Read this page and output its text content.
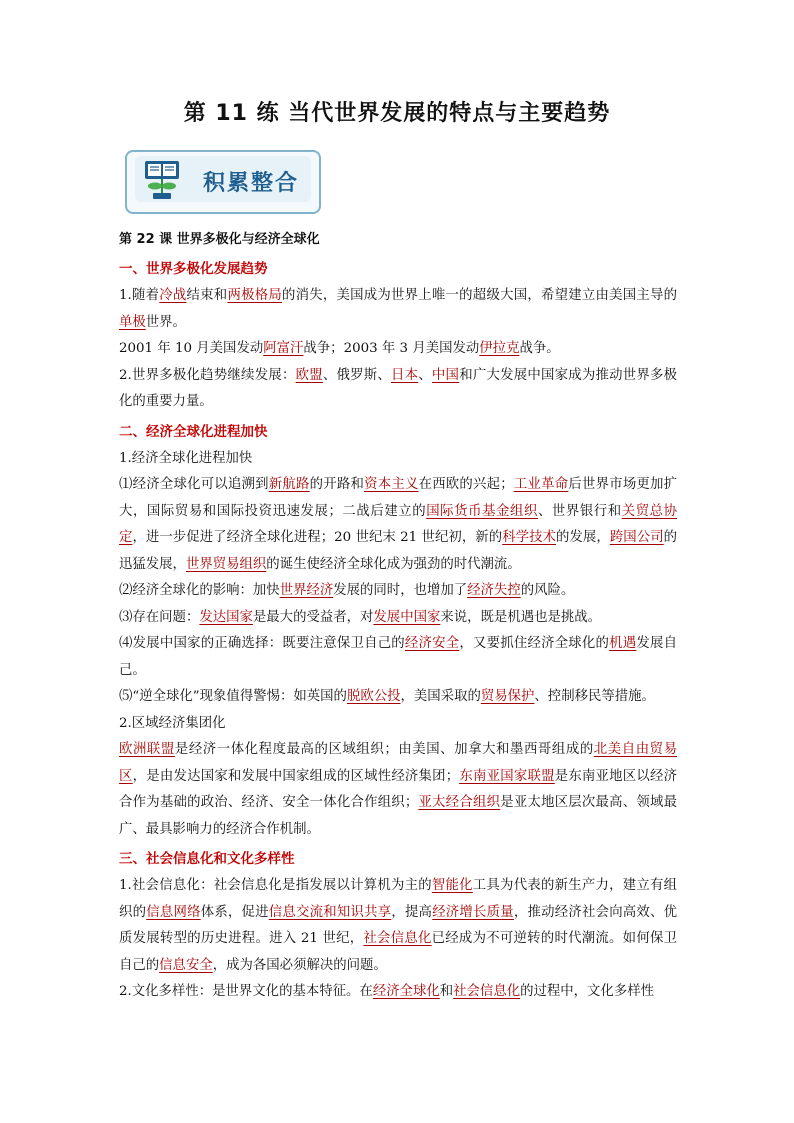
第 11 练 当代世界发展的特点与主要趋势
积累整合
第 22 课 世界多极化与经济全球化
一、世界多极化发展趋势

1.随着冷战结束和两极格局的消失，美国成为世界上唯一的超级大国，希望建立由美国主导的单极世界。

2001 年 10 月美国发动阿富汗战争；2003 年 3 月美国发动伊拉克战争。

2.世界多极化趋势继续发展：欧盟、俄罗斯、日本、中国和广大发展中国家成为推动世界多极化的重要力量。

二、经济全球化进程加快

1.经济全球化进程加快

⑴经济全球化可以追溯到新航路的开路和资本主义在西欧的兴起；工业革命后世界市场更加扩大，国际贸易和国际投资迅速发展；二战后建立的国际货币基金组织、世界银行和关贸总协定，进一步促进了经济全球化进程；20 世纪末 21 世纪初，新的科学技术的发展，跨国公司的迅猛发展，世界贸易组织的诞生使经济全球化成为强劲的时代潮流。

⑵经济全球化的影响：加快世界经济发展的同时，也增加了经济失控的风险。

⑶存在问题：发达国家是最大的受益者，对发展中国家来说，既是机遇也是挑战。

⑷发展中国家的正确选择：既要注意保卫自己的经济安全，又要抓住经济全球化的机遇发展自己。

⑸“逆全球化”现象值得警惕：如英国的脱欧公投，美国采取的贸易保护、控制移民等措施。

2.区域经济集团化

欧洲联盟是经济一体化程度最高的区域组织；由美国、加拿大和墨西哥组成的北美自由贸易区，是由发达国家和发展中国家组成的区域性经济集团；东南亚国家联盟是东南亚地区以经济合作为基础的政治、经济、安全一体化合作组织；亚太经合组织是亚太地区层次最高、领域最广、最具影响力的经济合作机制。

三、社会信息化和文化多样性

1.社会信息化：社会信息化是指发展以计算机为主的智能化工具为代表的新生产力，建立有组织的信息网络体系，促进信息交流和知识共享，提高经济增长质量，推动经济社会向高效、优质发展转型的历史进程。进入 21 世纪，社会信息化已经成为不可逆转的时代潮流。如何保卫自己的信息安全，成为各国必须解决的问题。

2.文化多样性：是世界文化的基本特征。在经济全球化和社会信息化的过程中，文化多样性
